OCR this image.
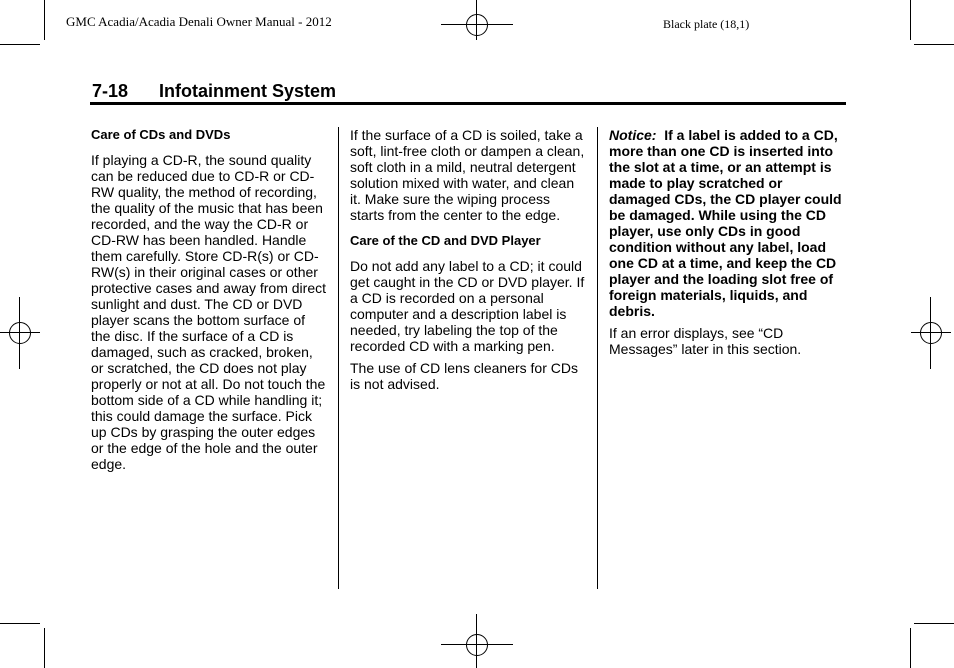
GMC Acadia/Acadia Denali Owner Manual - 2012	Black plate (18,1)
7-18 Infotainment System
Care of CDs and DVDs
If playing a CD-R, the sound quality can be reduced due to CD-R or CD-RW quality, the method of recording, the quality of the music that has been recorded, and the way the CD-R or CD-RW has been handled. Handle them carefully. Store CD-R(s) or CD-RW(s) in their original cases or other protective cases and away from direct sunlight and dust. The CD or DVD player scans the bottom surface of the disc. If the surface of a CD is damaged, such as cracked, broken, or scratched, the CD does not play properly or not at all. Do not touch the bottom side of a CD while handling it; this could damage the surface. Pick up CDs by grasping the outer edges or the edge of the hole and the outer edge.
If the surface of a CD is soiled, take a soft, lint-free cloth or dampen a clean, soft cloth in a mild, neutral detergent solution mixed with water, and clean it. Make sure the wiping process starts from the center to the edge.
Care of the CD and DVD Player
Do not add any label to a CD; it could get caught in the CD or DVD player. If a CD is recorded on a personal computer and a description label is needed, try labeling the top of the recorded CD with a marking pen.
The use of CD lens cleaners for CDs is not advised.
Notice: If a label is added to a CD, more than one CD is inserted into the slot at a time, or an attempt is made to play scratched or damaged CDs, the CD player could be damaged. While using the CD player, use only CDs in good condition without any label, load one CD at a time, and keep the CD player and the loading slot free of foreign materials, liquids, and debris.
If an error displays, see “CD Messages” later in this section.
